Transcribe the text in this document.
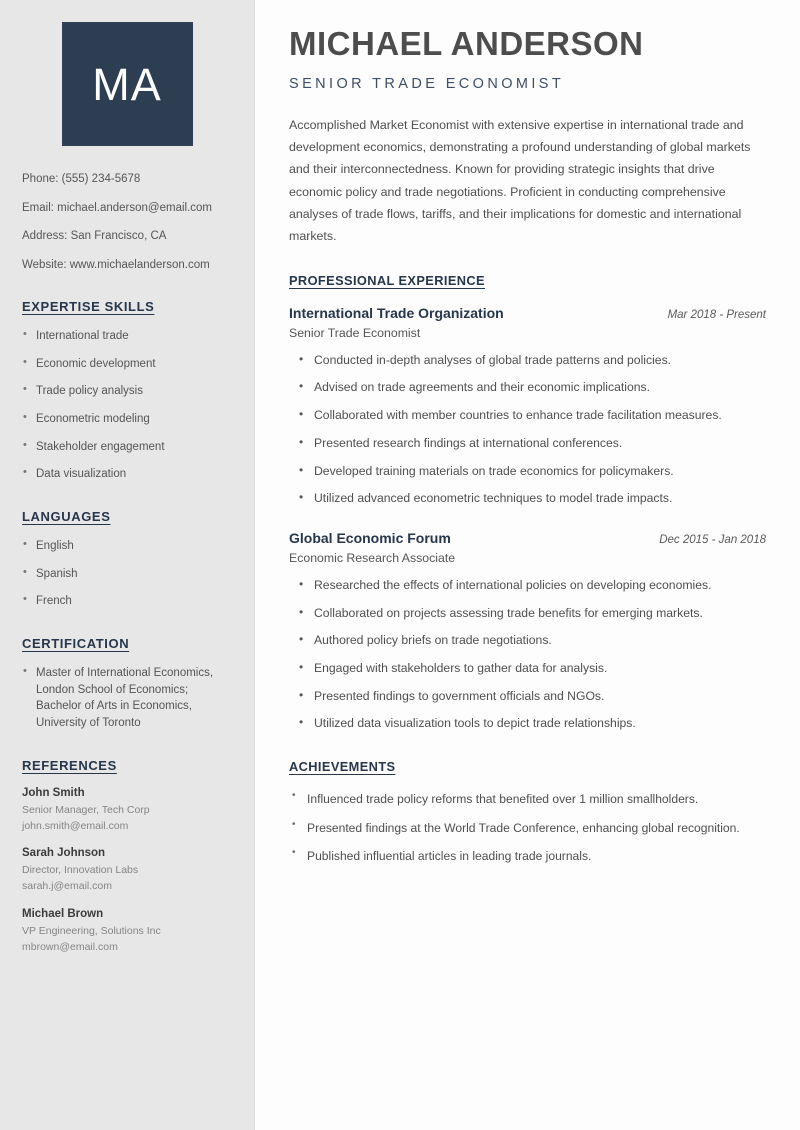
MA
Phone: (555) 234-5678
Email: michael.anderson@email.com
Address: San Francisco, CA
Website: www.michaelanderson.com
EXPERTISE SKILLS
• International trade
• Economic development
• Trade policy analysis
• Econometric modeling
• Stakeholder engagement
• Data visualization
LANGUAGES
• English
• Spanish
• French
CERTIFICATION
• Master of International Economics, London School of Economics; Bachelor of Arts in Economics, University of Toronto
REFERENCES
John Smith
Senior Manager, Tech Corp
john.smith@email.com
Sarah Johnson
Director, Innovation Labs
sarah.j@email.com
Michael Brown
VP Engineering, Solutions Inc
mbrown@email.com
MICHAEL ANDERSON
SENIOR TRADE ECONOMIST

Accomplished Market Economist with extensive expertise in international trade and development economics, demonstrating a profound understanding of global markets and their interconnectedness. Known for providing strategic insights that drive economic policy and trade negotiations. Proficient in conducting comprehensive analyses of trade flows, tariffs, and their implications for domestic and international markets.

PROFESSIONAL EXPERIENCE
International Trade Organization	Mar 2018 - Present
Senior Trade Economist
• Conducted in-depth analyses of global trade patterns and policies.
• Advised on trade agreements and their economic implications.
• Collaborated with member countries to enhance trade facilitation measures.
• Presented research findings at international conferences.
• Developed training materials on trade economics for policymakers.
• Utilized advanced econometric techniques to model trade impacts.
Global Economic Forum	Dec 2015 - Jan 2018
Economic Research Associate
• Researched the effects of international policies on developing economies.
• Collaborated on projects assessing trade benefits for emerging markets.
• Authored policy briefs on trade negotiations.
• Engaged with stakeholders to gather data for analysis.
• Presented findings to government officials and NGOs.
• Utilized data visualization tools to depict trade relationships.
ACHIEVEMENTS
• Influenced trade policy reforms that benefited over 1 million smallholders.
• Presented findings at the World Trade Conference, enhancing global recognition.
• Published influential articles in leading trade journals.
